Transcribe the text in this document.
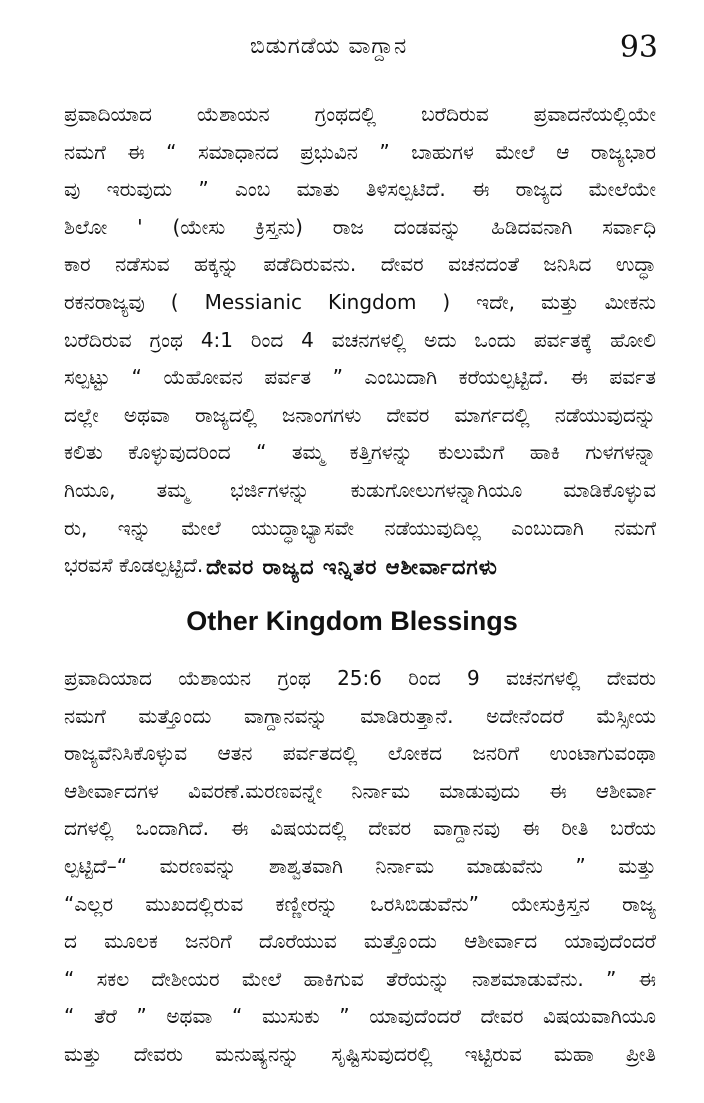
ಬಿಡುಗಡೆಯ ವಾಗ್ದಾನ	93
ಪ್ರವಾದಿಯಾದ ಯೆಶಾಯನ ಗ್ರಂಥದಲ್ಲಿ ಬರೆದಿರುವ ಪ್ರವಾದನೆಯಲ್ಲಿಯೇ
ನಮಗೆ ಈ “ ಸಮಾಧಾನದ ಪ್ರಭುವಿನ ” ಬಾಹುಗಳ ಮೇಲೆ ಆ ರಾಜ್ಯಭಾರ
ವು ಇರುವುದು ” ಎಂಬ ಮಾತು ತಿಳಿಸಲ್ಪಟಿದೆ. ಈ ರಾಜ್ಯದ ಮೇಲೆಯೇ
ಶಿಲೋ ' (ಯೇಸು ಕ್ರಿಸ್ತನು) ರಾಜ ದಂಡವನ್ನು ಹಿಡಿದವನಾಗಿ ಸರ್ವಾಧಿ
ಕಾರ ನಡೆಸುವ ಹಕ್ಕನ್ನು ಪಡೆದಿರುವನು. ದೇವರ ವಚನದಂತೆ ಜನಿಸಿದ ಉದ್ಧಾ
ರಕನರಾಜ್ಯವು ( Messianic Kingdom ) ಇದೇ, ಮತ್ತು ಮೀಕನು
ಬರೆದಿರುವ ಗ್ರಂಥ 4:1 ರಿಂದ 4 ವಚನಗಳಲ್ಲಿ ಅದು ಒಂದು ಪರ್ವತಕ್ಕೆ ಹೋಲಿ
ಸಲ್ಪಟ್ಟು “ ಯೆಹೋವನ ಪರ್ವತ ” ಎಂಬುದಾಗಿ ಕರೆಯಲ್ಪಟ್ಟಿದೆ. ಈ ಪರ್ವತ
ದಲ್ಲೇ ಅಥವಾ ರಾಜ್ಯದಲ್ಲಿ ಜನಾಂಗಗಳು ದೇವರ ಮಾರ್ಗದಲ್ಲಿ ನಡೆಯುವುದನ್ನು
ಕಲಿತು ಕೊಳ್ಳುವುದರಿಂದ “ ತಮ್ಮ ಕತ್ತಿಗಳನ್ನು ಕುಲುಮೆಗೆ ಹಾಕಿ ಗುಳಗಳನ್ನಾ
ಗಿಯೂ, ತಮ್ಮ ಭರ್ಜಿಗಳನ್ನು ಕುಡುಗೋಲುಗಳನ್ನಾಗಿಯೂ ಮಾಡಿಕೊಳ್ಳುವ
ರು, ಇನ್ನು ಮೇಲೆ ಯುದ್ಧಾಭ್ಯಾಸವೇ ನಡೆಯುವುದಿಲ್ಲ ಎಂಬುದಾಗಿ ನಮಗೆ
ಭರವಸೆ ಕೊಡಲ್ಪಟ್ಟಿದೆ. ದೇವರ ರಾಜ್ಯದ ಇನ್ನಿತರ ಆಶೀರ್ವಾದಗಳು
Other Kingdom Blessings
ಪ್ರವಾದಿಯಾದ ಯೆಶಾಯನ ಗ್ರಂಥ 25:6 ರಿಂದ 9 ವಚನಗಳಲ್ಲಿ ದೇವರು
ನಮಗೆ ಮತ್ತೊಂದು ವಾಗ್ದಾನವನ್ನು ಮಾಡಿರುತ್ತಾನೆ. ಅದೇನೆಂದರೆ ಮೆಸ್ಸೀಯ
ರಾಜ್ಯವೆನಿಸಿಕೊಳ್ಳುವ ಆತನ ಪರ್ವತದಲ್ಲಿ ಲೋಕದ ಜನರಿಗೆ ಉಂಟಾಗುವಂಥಾ
ಆಶೀರ್ವಾದಗಳ ವಿವರಣೆ.ಮರಣವನ್ನೇ ನಿರ್ನಾಮ ಮಾಡುವುದು ಈ ಆಶೀರ್ವಾ
ದಗಳಲ್ಲಿ ಒಂದಾಗಿದೆ. ಈ ವಿಷಯದಲ್ಲಿ ದೇವರ ವಾಗ್ದಾನವು ಈ ರೀತಿ ಬರೆಯ
ಲ್ಪಟ್ಟಿದೆ–“ ಮರಣವನ್ನು ಶಾಶ್ವತವಾಗಿ ನಿರ್ನಾಮ ಮಾಡುವೆನು ” ಮತ್ತು
“ಎಲ್ಲರ ಮುಖದಲ್ಲಿರುವ ಕಣ್ಣೀರನ್ನು ಒರಸಿಬಿಡುವೆನು” ಯೇಸುಕ್ರಿಸ್ತನ ರಾಜ್ಯ
ದ ಮೂಲಕ ಜನರಿಗೆ ದೊರೆಯುವ ಮತ್ತೊಂದು ಆಶೀರ್ವಾದ ಯಾವುದೆಂದರೆ
“ ಸಕಲ ದೇಶೀಯರ ಮೇಲೆ ಹಾಕಿಗುವ ತೆರೆಯನ್ನು ನಾಶಮಾಡುವೆನು. ” ಈ
“ ತೆರೆ ” ಅಥವಾ “ ಮುಸುಕು ” ಯಾವುದೆಂದರೆ ದೇವರ ವಿಷಯವಾಗಿಯೂ
ಮತ್ತು ದೇವರು ಮನುಷ್ಯನನ್ನು ಸೃಷ್ಟಿಸುವುದರಲ್ಲಿ ಇಟ್ಟಿರುವ ಮಹಾ ಪ್ರೀತಿ
